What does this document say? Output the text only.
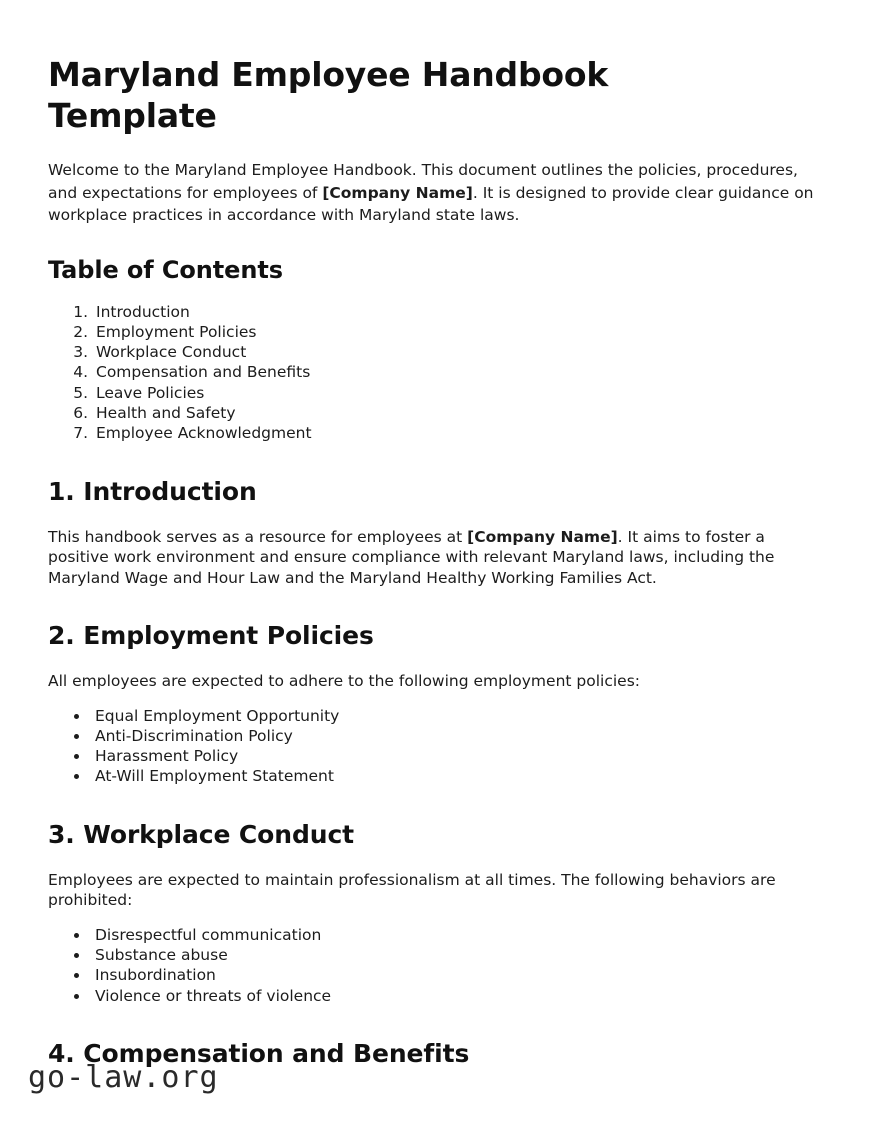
Maryland Employee Handbook Template

Welcome to the Maryland Employee Handbook. This document outlines the policies, procedures, and expectations for employees of [Company Name]. It is designed to provide clear guidance on workplace practices in accordance with Maryland state laws.

Table of Contents
1. Introduction
2. Employment Policies
3. Workplace Conduct
4. Compensation and Benefits
5. Leave Policies
6. Health and Safety
7. Employee Acknowledgment
1. Introduction

This handbook serves as a resource for employees at [Company Name]. It aims to foster a positive work environment and ensure compliance with relevant Maryland laws, including the Maryland Wage and Hour Law and the Maryland Healthy Working Families Act.

2. Employment Policies

All employees are expected to adhere to the following employment policies:

• Equal Employment Opportunity
• Anti-Discrimination Policy
• Harassment Policy
• At-Will Employment Statement
3. Workplace Conduct

Employees are expected to maintain professionalism at all times. The following behaviors are prohibited:

• Disrespectful communication
• Substance abuse
• Insubordination
• Violence or threats of violence
4. Compensation and Benefits
go-law.org
